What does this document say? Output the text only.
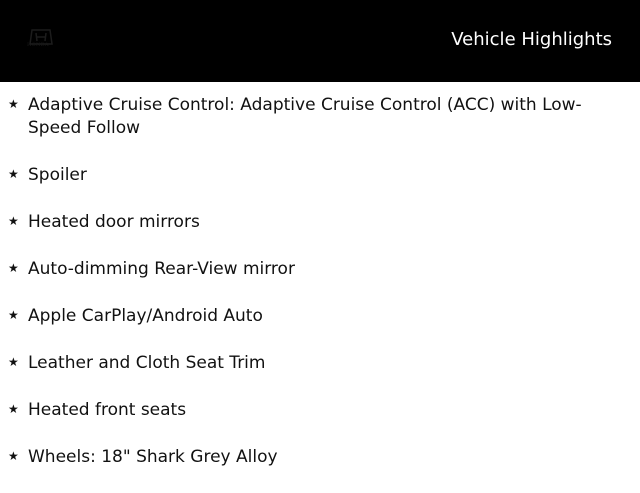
HONDA	Vehicle Highlights
★ Adaptive Cruise Control: Adaptive Cruise Control (ACC) with Low-Speed Follow
★ Spoiler
★ Heated door mirrors
★ Auto-dimming Rear-View mirror
★ Apple CarPlay/Android Auto
★ Leather and Cloth Seat Trim
★ Heated front seats
★ Wheels: 18" Shark Grey Alloy
